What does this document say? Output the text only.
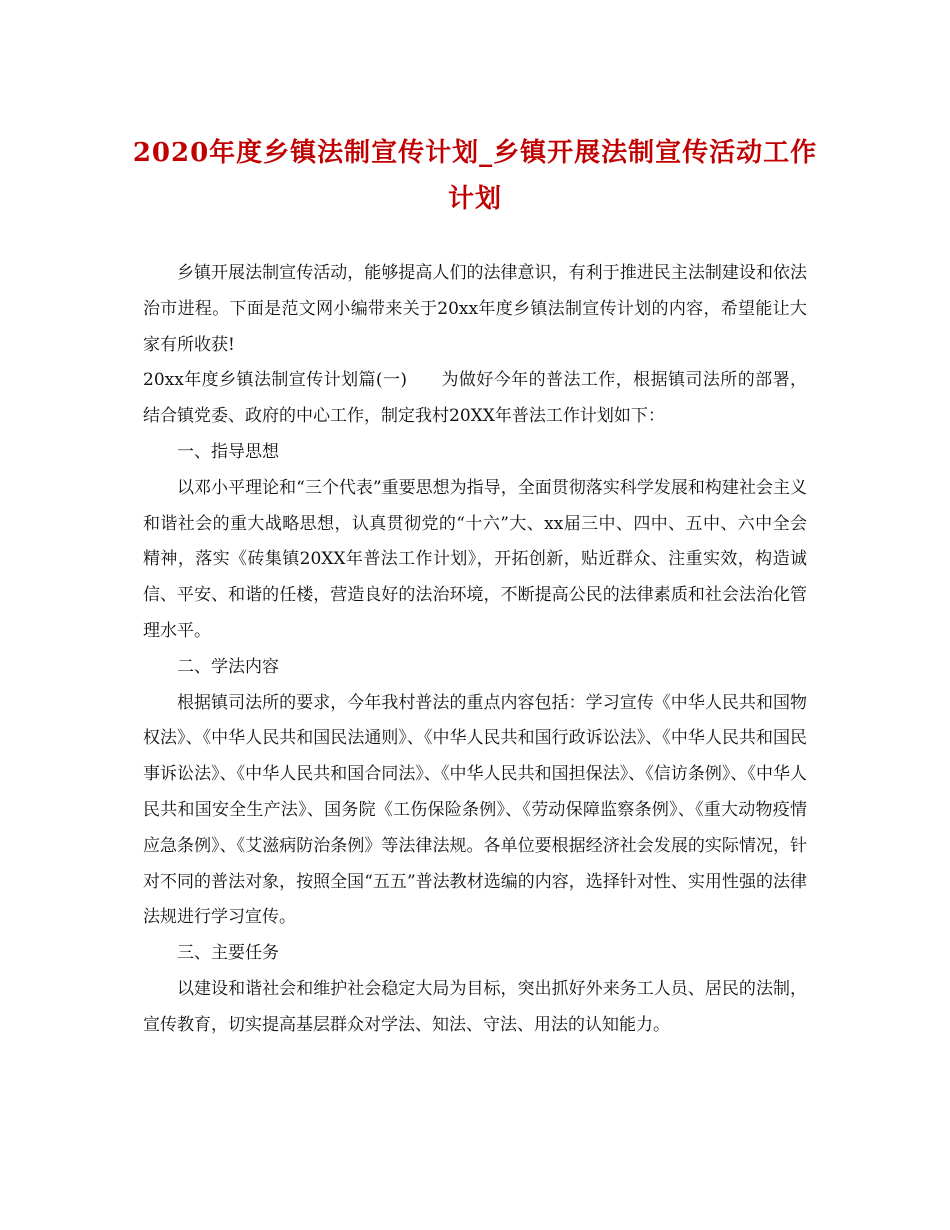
2020年度乡镇法制宣传计划_乡镇开展法制宣传活动工作计划

乡镇开展法制宣传活动，能够提高人们的法律意识，有利于推进民主法制建设和依法治市进程。下面是范文网小编带来关于20xx年度乡镇法制宣传计划的内容，希望能让大家有所收获!

20xx年度乡镇法制宣传计划篇(一) 为做好今年的普法工作，根据镇司法所的部署，结合镇党委、政府的中心工作，制定我村20XX年普法工作计划如下：

一、指导思想

以邓小平理论和“三个代表”重要思想为指导，全面贯彻落实科学发展和构建社会主义和谐社会的重大战略思想，认真贯彻党的“十六”大、xx届三中、四中、五中、六中全会精神，落实《砖集镇20XX年普法工作计划》，开拓创新，贴近群众、注重实效，构造诚信、平安、和谐的任楼，营造良好的法治环境，不断提高公民的法律素质和社会法治化管理水平。

二、学法内容

根据镇司法所的要求，今年我村普法的重点内容包括：学习宣传《中华人民共和国物权法》、《中华人民共和国民法通则》、《中华人民共和国行政诉讼法》、《中华人民共和国民事诉讼法》、《中华人民共和国合同法》、《中华人民共和国担保法》、《信访条例》、《中华人民共和国安全生产法》、国务院《工伤保险条例》、《劳动保障监察条例》、《重大动物疫情应急条例》、《艾滋病防治条例》等法律法规。各单位要根据经济社会发展的实际情况，针对不同的普法对象，按照全国“五五”普法教材选编的内容，选择针对性、实用性强的法律法规进行学习宣传。

三、主要任务

以建设和谐社会和维护社会稳定大局为目标，突出抓好外来务工人员、居民的法制，宣传教育，切实提高基层群众对学法、知法、守法、用法的认知能力。
